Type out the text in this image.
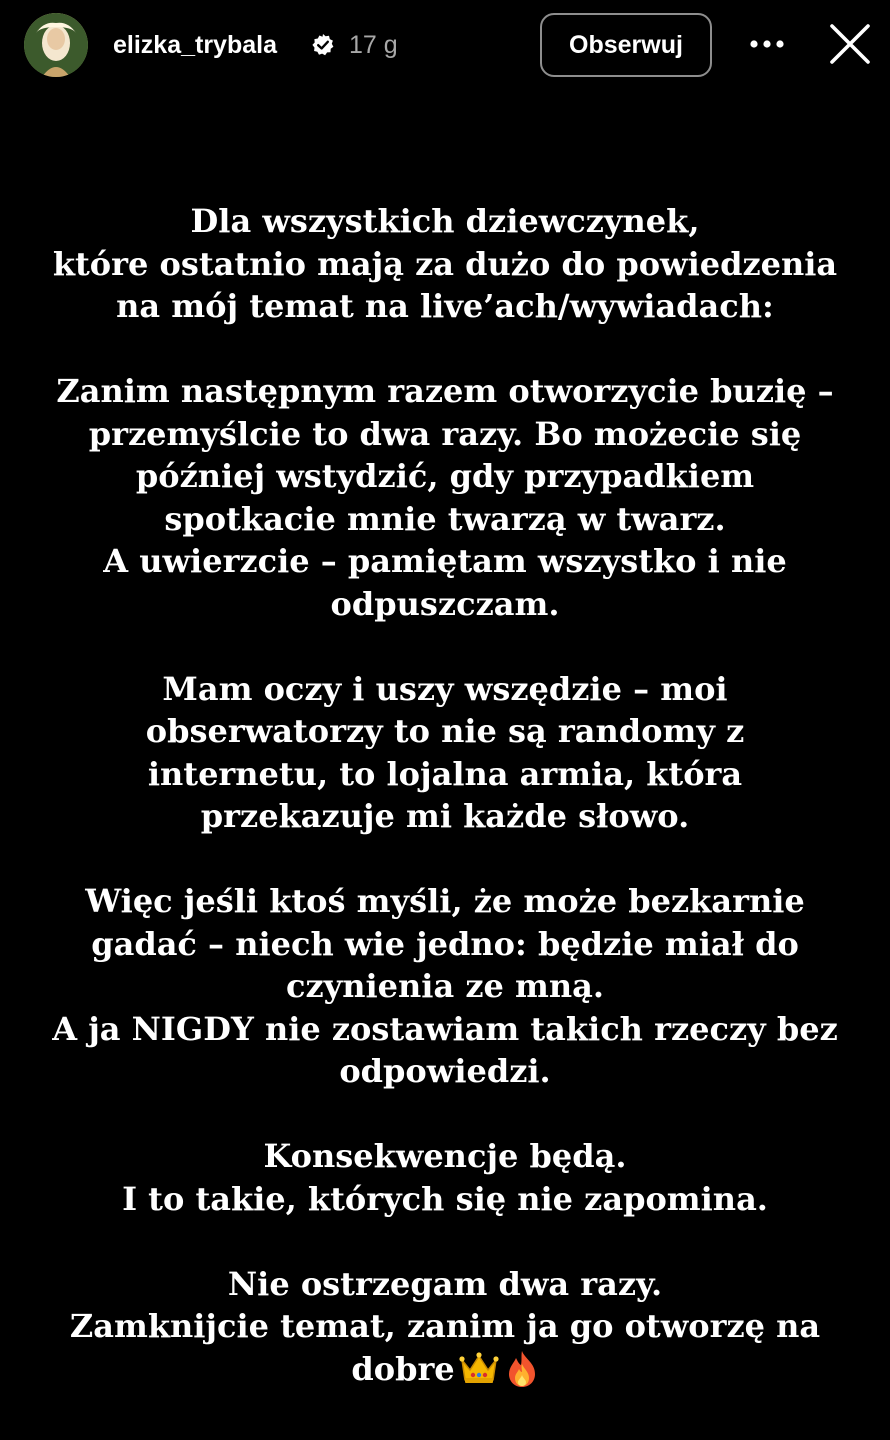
elizka_trybala	17 g	Obserwuj

Dla wszystkich dziewczynek,
które ostatnio mają za dużo do powiedzenia
na mój temat na live’ach/wywiadach:

Zanim następnym razem otworzycie buzię –
przemyślcie to dwa razy. Bo możecie się
później wstydzić, gdy przypadkiem
spotkacie mnie twarzą w twarz.
A uwierzcie – pamiętam wszystko i nie
odpuszczam.

Mam oczy i uszy wszędzie – moi
obserwatorzy to nie są randomy z
internetu, to lojalna armia, która
przekazuje mi każde słowo.

Więc jeśli ktoś myśli, że może bezkarnie
gadać – niech wie jedno: będzie miał do
czynienia ze mną.
A ja NIGDY nie zostawiam takich rzeczy bez
odpowiedzi.

Konsekwencje będą.
I to takie, których się nie zapomina.

Nie ostrzegam dwa razy.
Zamknijcie temat, zanim ja go otworzę na
dobre
